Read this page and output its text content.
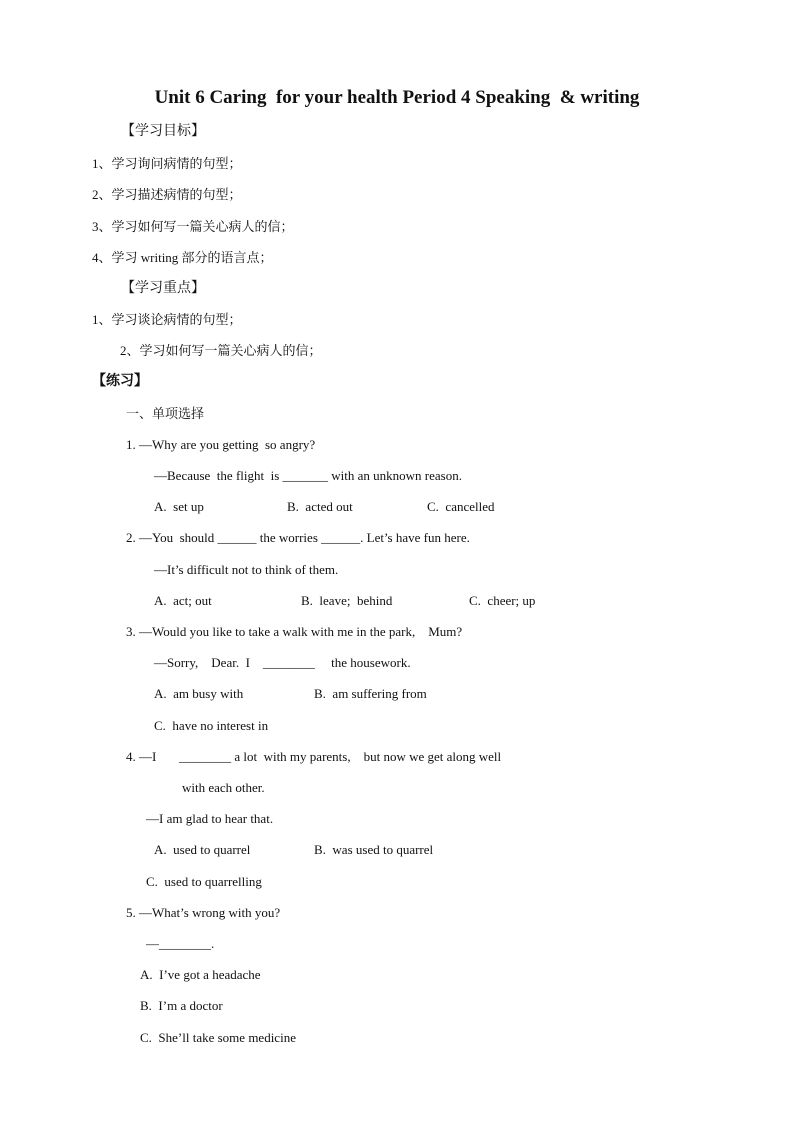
Unit 6 Caring  for your health Period 4 Speaking  & writing
【学习目标】
1、学习询问病情的句型；
2、学习描述病情的句型；
3、学习如何写一篇关心病人的信；
4、学习 writing 部分的语言点；
【学习重点】
1、学习谈论病情的句型；
2、学习如何写一篇关心病人的信；
【练习】
一、单项选择
1. —Why are you getting  so angry?
—Because  the flight  is _______ with an unknown reason.
A.  set up	B.  acted out	C.  cancelled
2. —You  should ______ the worries ______. Let’s have fun here.
—It’s difficult not to think of them.
A.  act; out	B.  leave;  behind	C.  cheer; up
3. —Would you like to take a walk with me in the park,    Mum?
—Sorry,    Dear.  I    ________     the housework.
A.  am busy with	B.  am suffering from
C.  have no interest in
4. —I       ________ a lot  with my parents,    but now we get along well
with each other.
—I am glad to hear that.
A.  used to quarrel	B.  was used to quarrel
C.  used to quarrelling
5. —What’s wrong with you?
—________.
A.  I’ve got a headache
B.  I’m a doctor
C.  She’ll take some medicine
